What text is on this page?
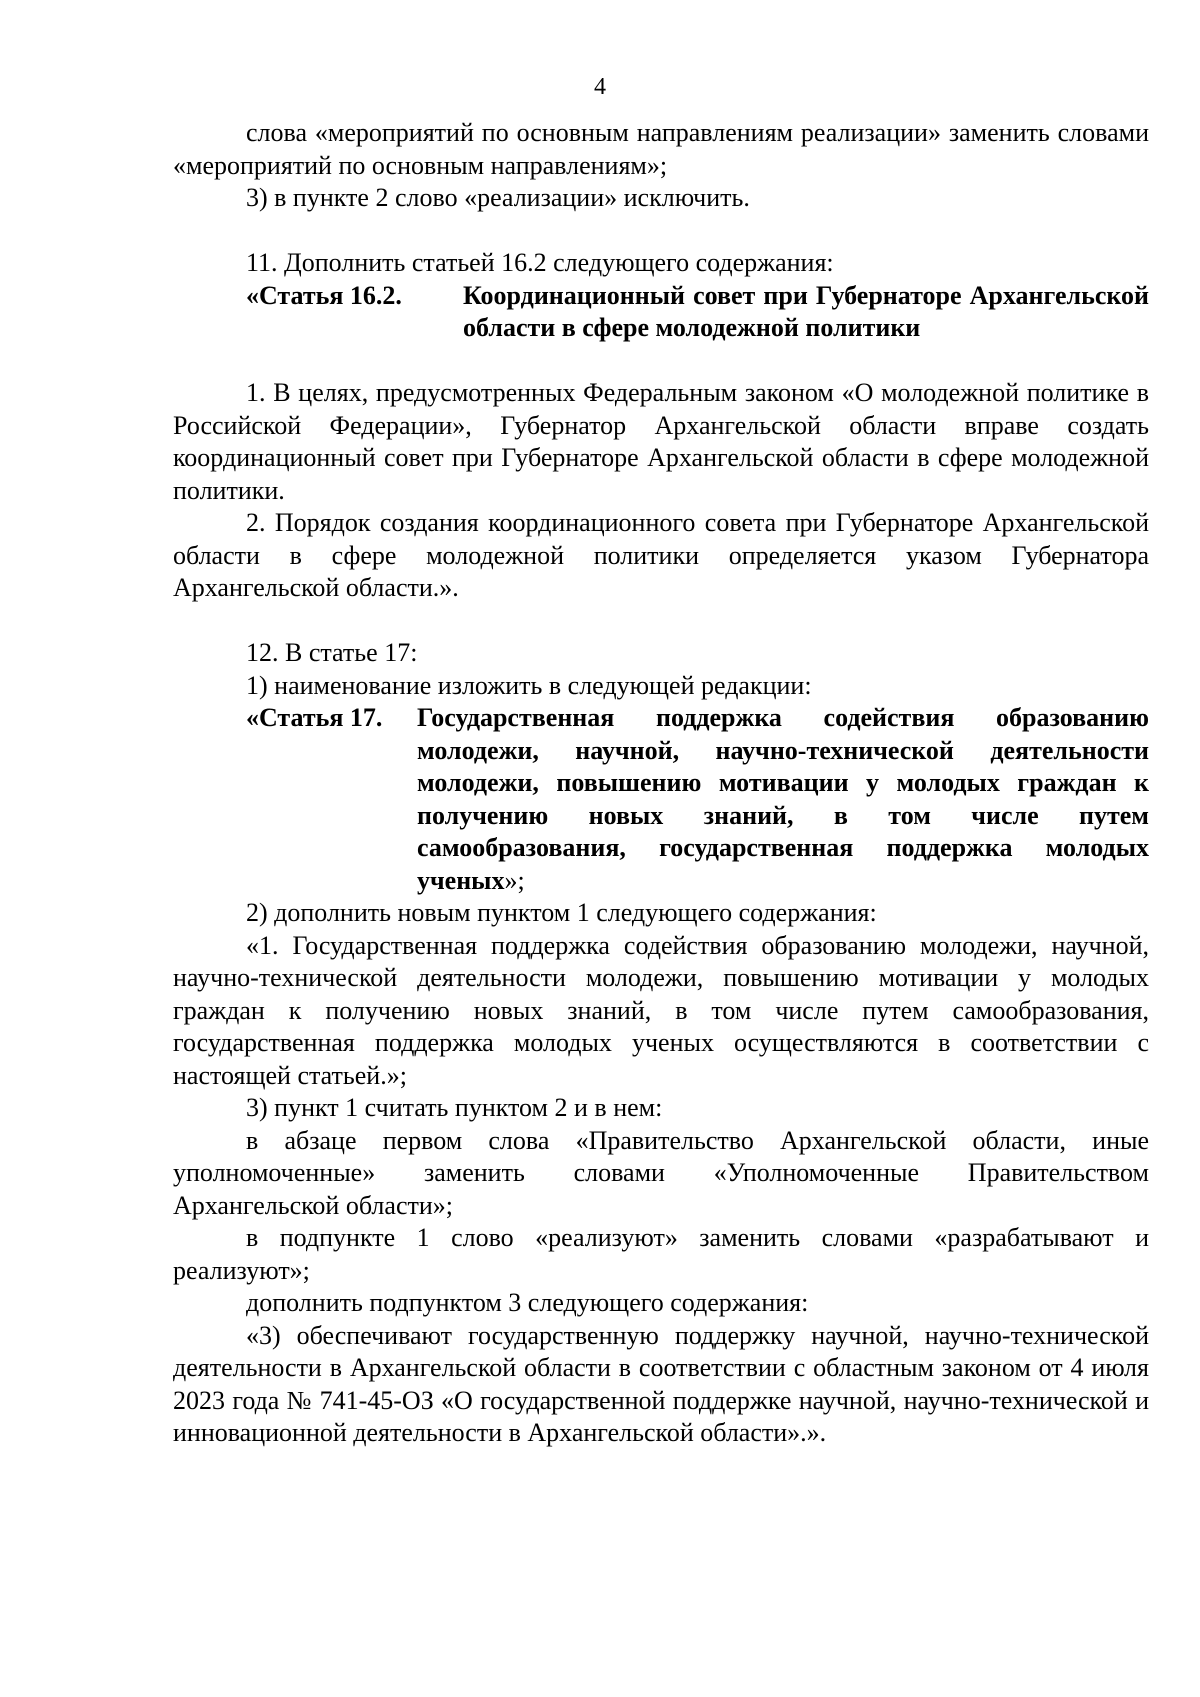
4

слова «мероприятий по основным направлениям реализации» заменить словами «мероприятий по основным направлениям»;

3) в пункте 2 слово «реализации» исключить.

11. Дополнить статьей 16.2 следующего содержания:

«Статья 16.2.	Координационный совет при Губернаторе Архангельской области в сфере молодежной политики

1. В целях, предусмотренных Федеральным законом «О молодежной политике в Российской Федерации», Губернатор Архангельской области вправе создать координационный совет при Губернаторе Архангельской области в сфере молодежной политики.

2. Порядок создания координационного совета при Губернаторе Архангельской области в сфере молодежной политики определяется указом Губернатора Архангельской области.».

12. В статье 17:

1) наименование изложить в следующей редакции:

«Статья 17.	Государственная поддержка содействия образованию молодежи, научной, научно-технической деятельности молодежи, повышению мотивации у молодых граждан к получению новых знаний, в том числе путем самообразования, государственная поддержка молодых ученых»;

2) дополнить новым пунктом 1 следующего содержания:

«1. Государственная поддержка содействия образованию молодежи, научной, научно-технической деятельности молодежи, повышению мотивации у молодых граждан к получению новых знаний, в том числе путем самообразования, государственная поддержка молодых ученых осуществляются в соответствии с настоящей статьей.»;

3) пункт 1 считать пунктом 2 и в нем:

в абзаце первом слова «Правительство Архангельской области, иные уполномоченные» заменить словами «Уполномоченные Правительством Архангельской области»;

в подпункте 1 слово «реализуют» заменить словами «разрабатывают и реализуют»;

дополнить подпунктом 3 следующего содержания:

«3) обеспечивают государственную поддержку научной, научно-технической деятельности в Архангельской области в соответствии с областным законом от 4 июля 2023 года № 741-45-ОЗ «О государственной поддержке научной, научно-технической и инновационной деятельности в Архангельской области».».
